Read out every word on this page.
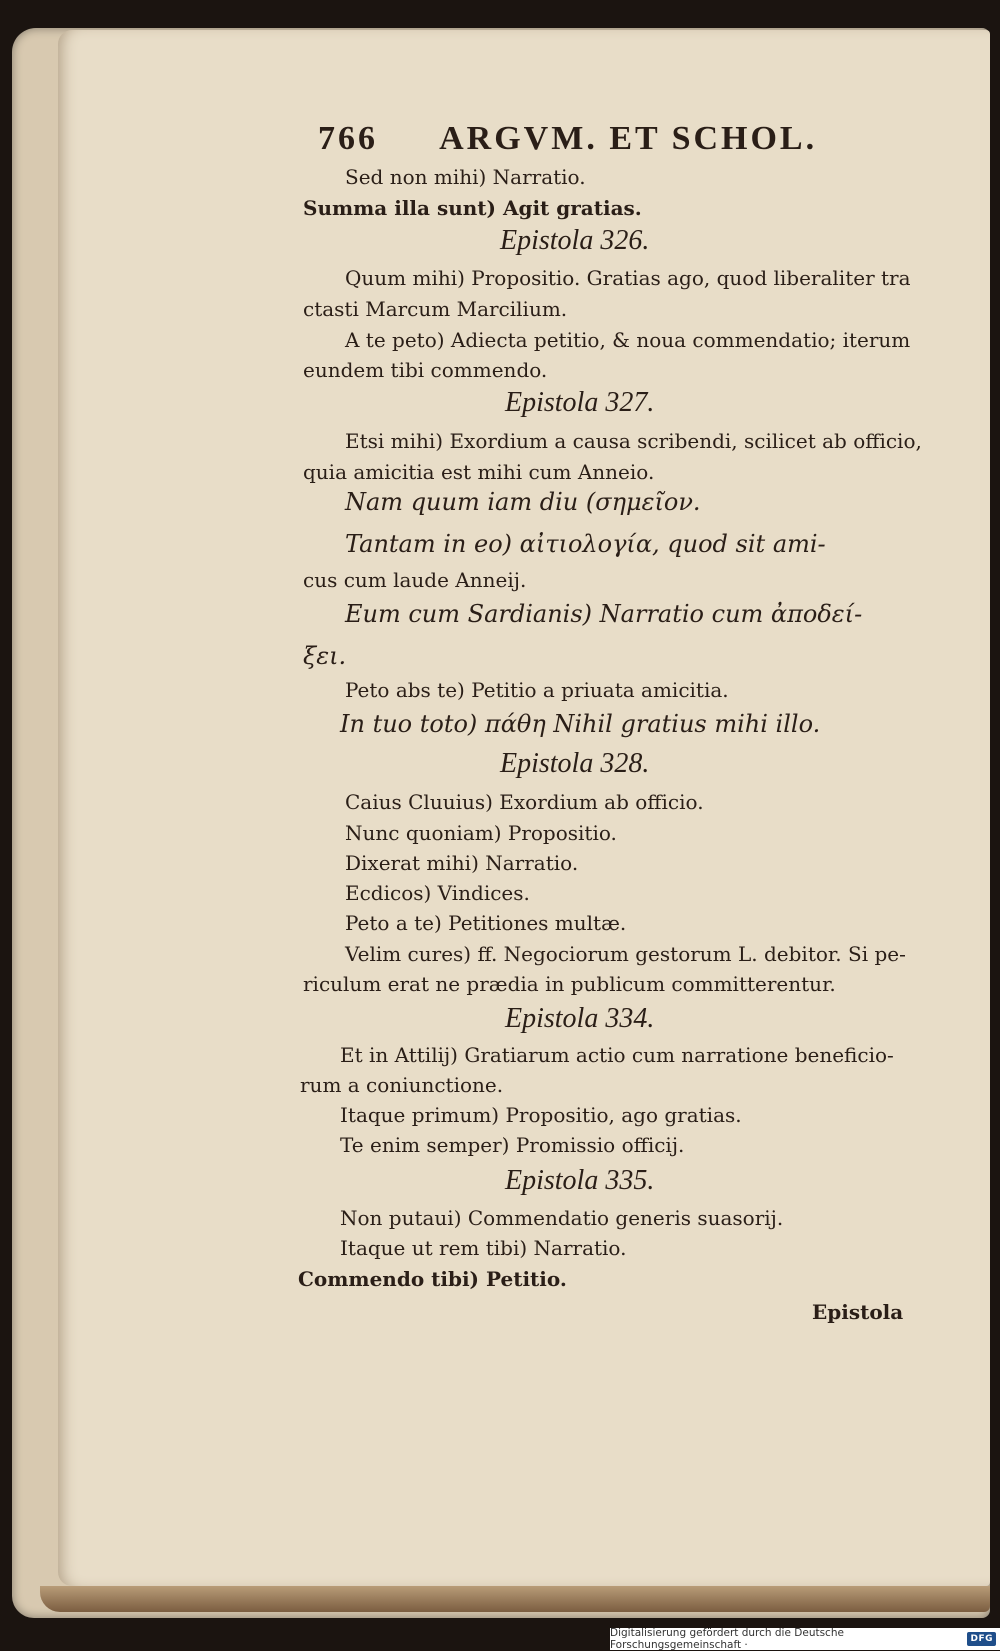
766 ARGVM. ET SCHOL.
Sed non mihi) Narratio.
Summa illa sunt) Agit gratias.
Epistola 326.
Quum mihi) Propositio. Gratias ago, quod liberaliter tra
ctasti Marcum Marcilium.
A te peto) Adiecta petitio, & noua commendatio; iterum
eundem tibi commendo.
Epistola 327.
Etsi mihi) Exordium a causa scribendi, scilicet ab officio,
quia amicitia est mihi cum Anneio.
Nam quum iam diu (σημεῖον.
Tantam in eo) αἰτιολογία, quod sit ami-
cus cum laude Anneij.
Eum cum Sardianis) Narratio cum ἀποδεί-
ξει.
Peto abs te) Petitio a priuata amicitia.
In tuo toto) πάθη Nihil gratius mihi illo.
Epistola 328.
Caius Cluuius) Exordium ab officio.
Nunc quoniam) Propositio.
Dixerat mihi) Narratio.
Ecdicos) Vindices.
Peto a te) Petitiones multæ.
Velim cures) ff. Negociorum gestorum L. debitor. Si pe-
riculum erat ne prædia in publicum committerentur.
Epistola 334.
Et in Attilij) Gratiarum actio cum narratione beneficio-
rum a coniunctione.
Itaque primum) Propositio, ago gratias.
Te enim semper) Promissio officij.
Epistola 335.
Non putaui) Commendatio generis suasorij.
Itaque ut rem tibi) Narratio.
Commendo tibi) Petitio.
Epistola
Digitalisierung gefördert durch die Deutsche Forschungsgemeinschaft ·	DFG
